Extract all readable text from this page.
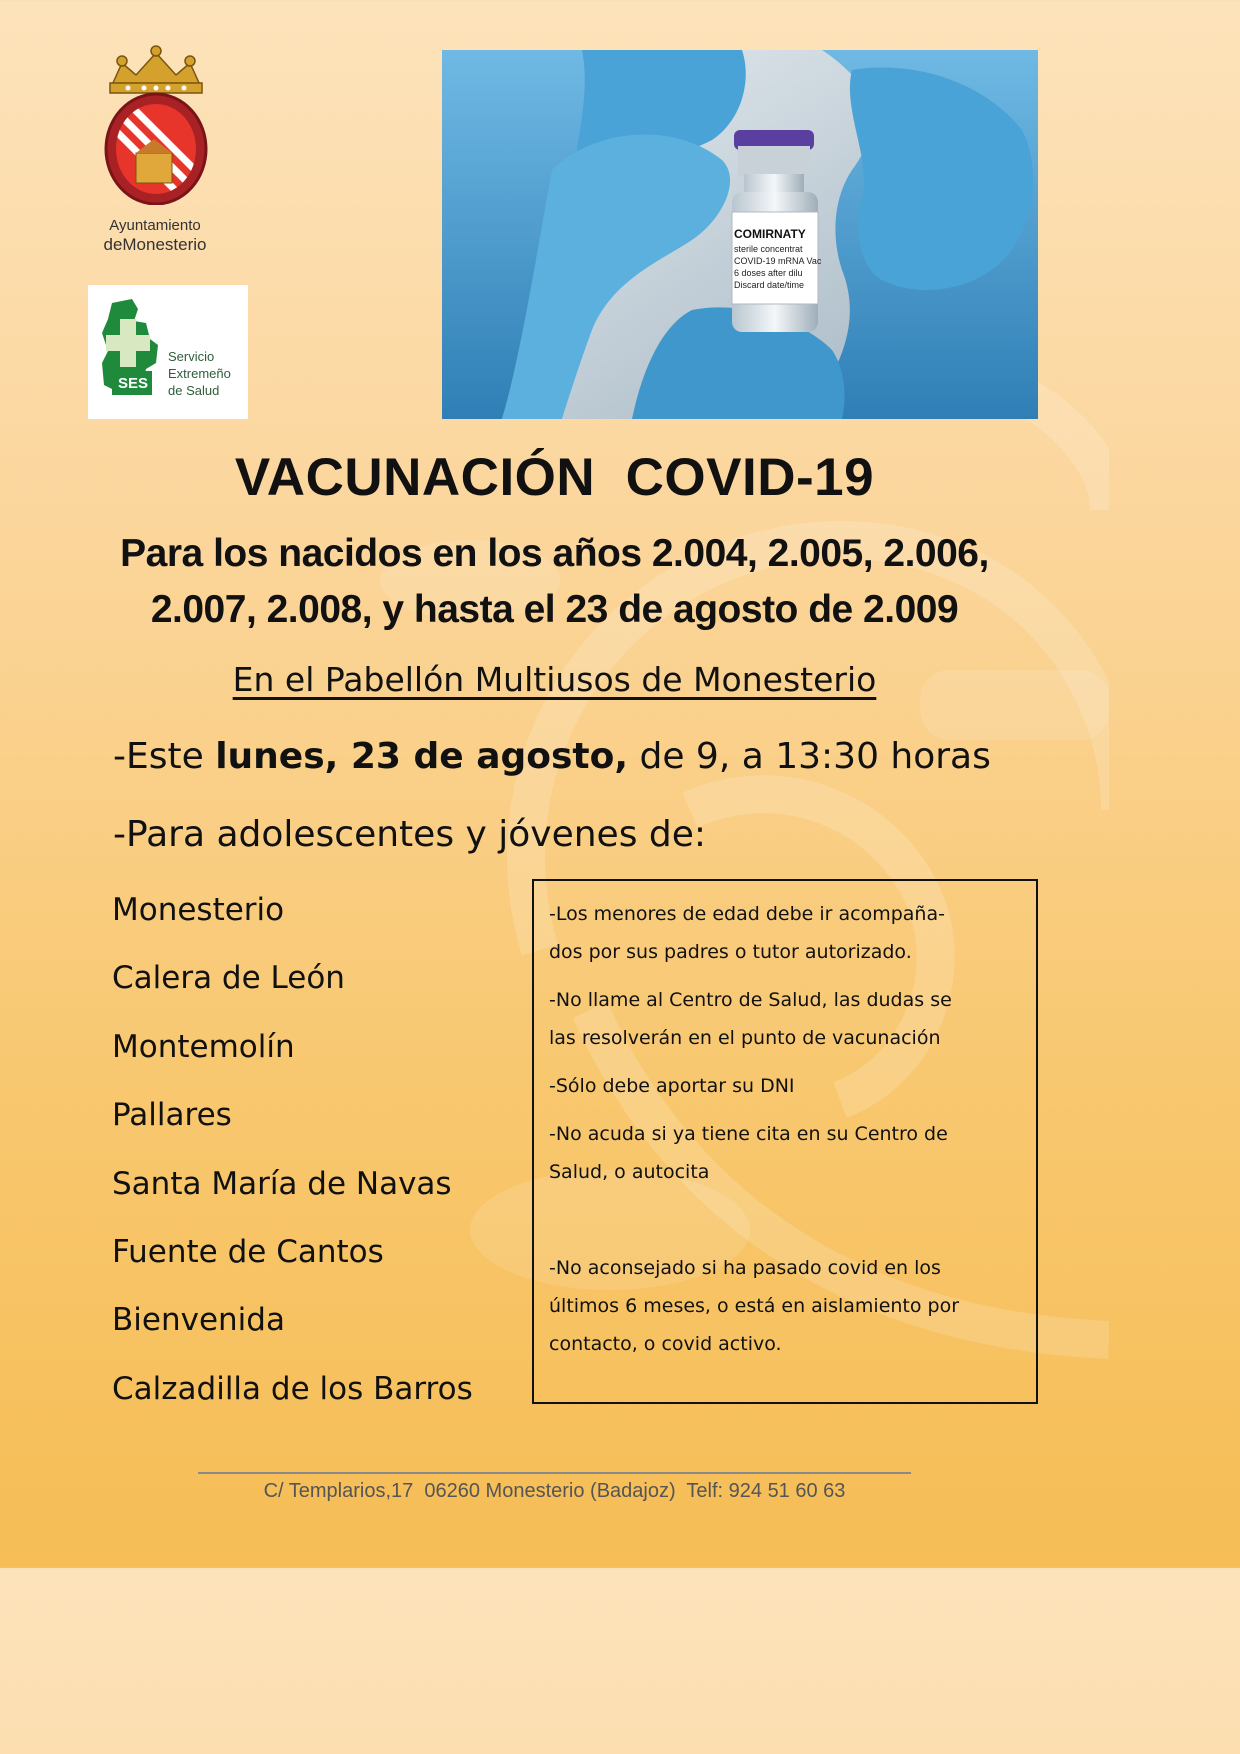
Ayuntamiento
deMonesterio
SES
Servicio
Extremeño
de Salud
COMIRNATY
sterile concentrat
COVID-19 mRNA Vac
6 doses after dilu
Discard date/time
VACUNACIÓN  COVID-19
Para los nacidos en los años 2.004, 2.005, 2.006,
2.007, 2.008, y hasta el 23 de agosto de 2.009
En el Pabellón Multiusos de Monesterio
-Este lunes, 23 de agosto, de 9, a 13:30 horas
-Para adolescentes y jóvenes de:
Monesterio
Calera de León
Montemolín
Pallares
Santa María de Navas
Fuente de Cantos
Bienvenida
Calzadilla de los Barros

-Los menores de edad debe ir acompaña-

dos por sus padres o tutor autorizado.

-No llame al Centro de Salud, las dudas se

las resolverán en el punto de vacunación

-Sólo debe aportar su DNI

-No acuda si ya tiene cita en su Centro de

Salud, o autocita

-No aconsejado si ha pasado covid en los

últimos 6 meses, o está en aislamiento por

contacto, o covid activo.

C/ Templarios,17  06260 Monesterio (Badajoz)  Telf: 924 51 60 63
